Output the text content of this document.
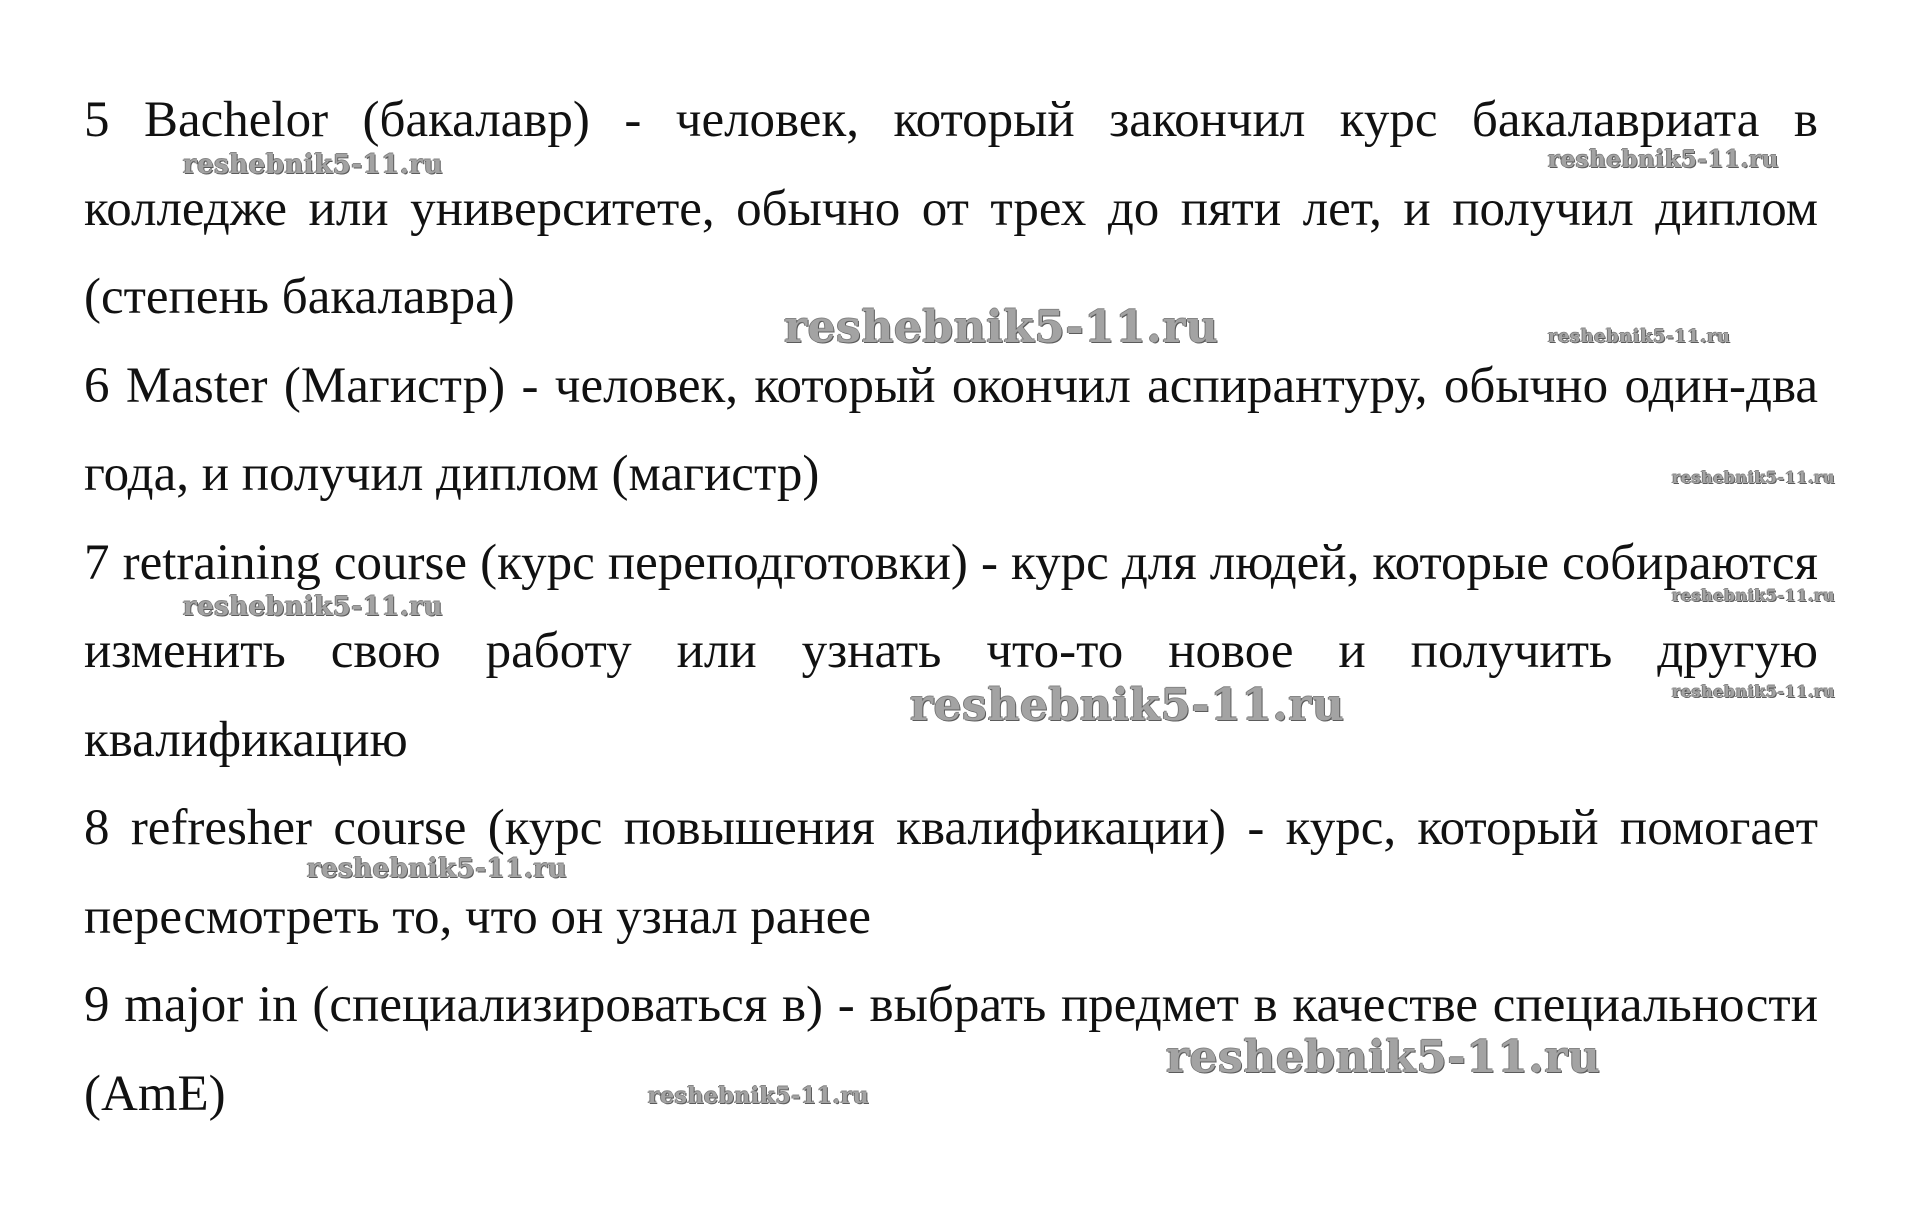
5 Bachelor (бакалавр) - человек, который закончил курс бакалавриата в колледже или университете, обычно от трех до пяти лет, и получил диплом (степень бакалавра)

6 Master (Магистр) - человек, который окончил аспирантуру, обычно один-два года, и получил диплом (магистр)

7 retraining course (курс переподготовки) - курс для людей, которые собираются изменить свою работу или узнать что-то новое и получить другую квалификацию

8 refresher course (курс повышения квалификации) - курс, который помогает пересмотреть то, что он узнал ранее

9 major in (специализироваться в) - выбрать предмет в качестве специальности (AmE)

reshebnik5-11.ru	reshebnik5-11.ru
reshebnik5-11.ru	reshebnik5-11.ru
reshebnik5-11.ru
reshebnik5-11.ru	reshebnik5-11.ru
reshebnik5-11.ru	reshebnik5-11.ru
reshebnik5-11.ru
reshebnik5-11.ru
reshebnik5-11.ru
